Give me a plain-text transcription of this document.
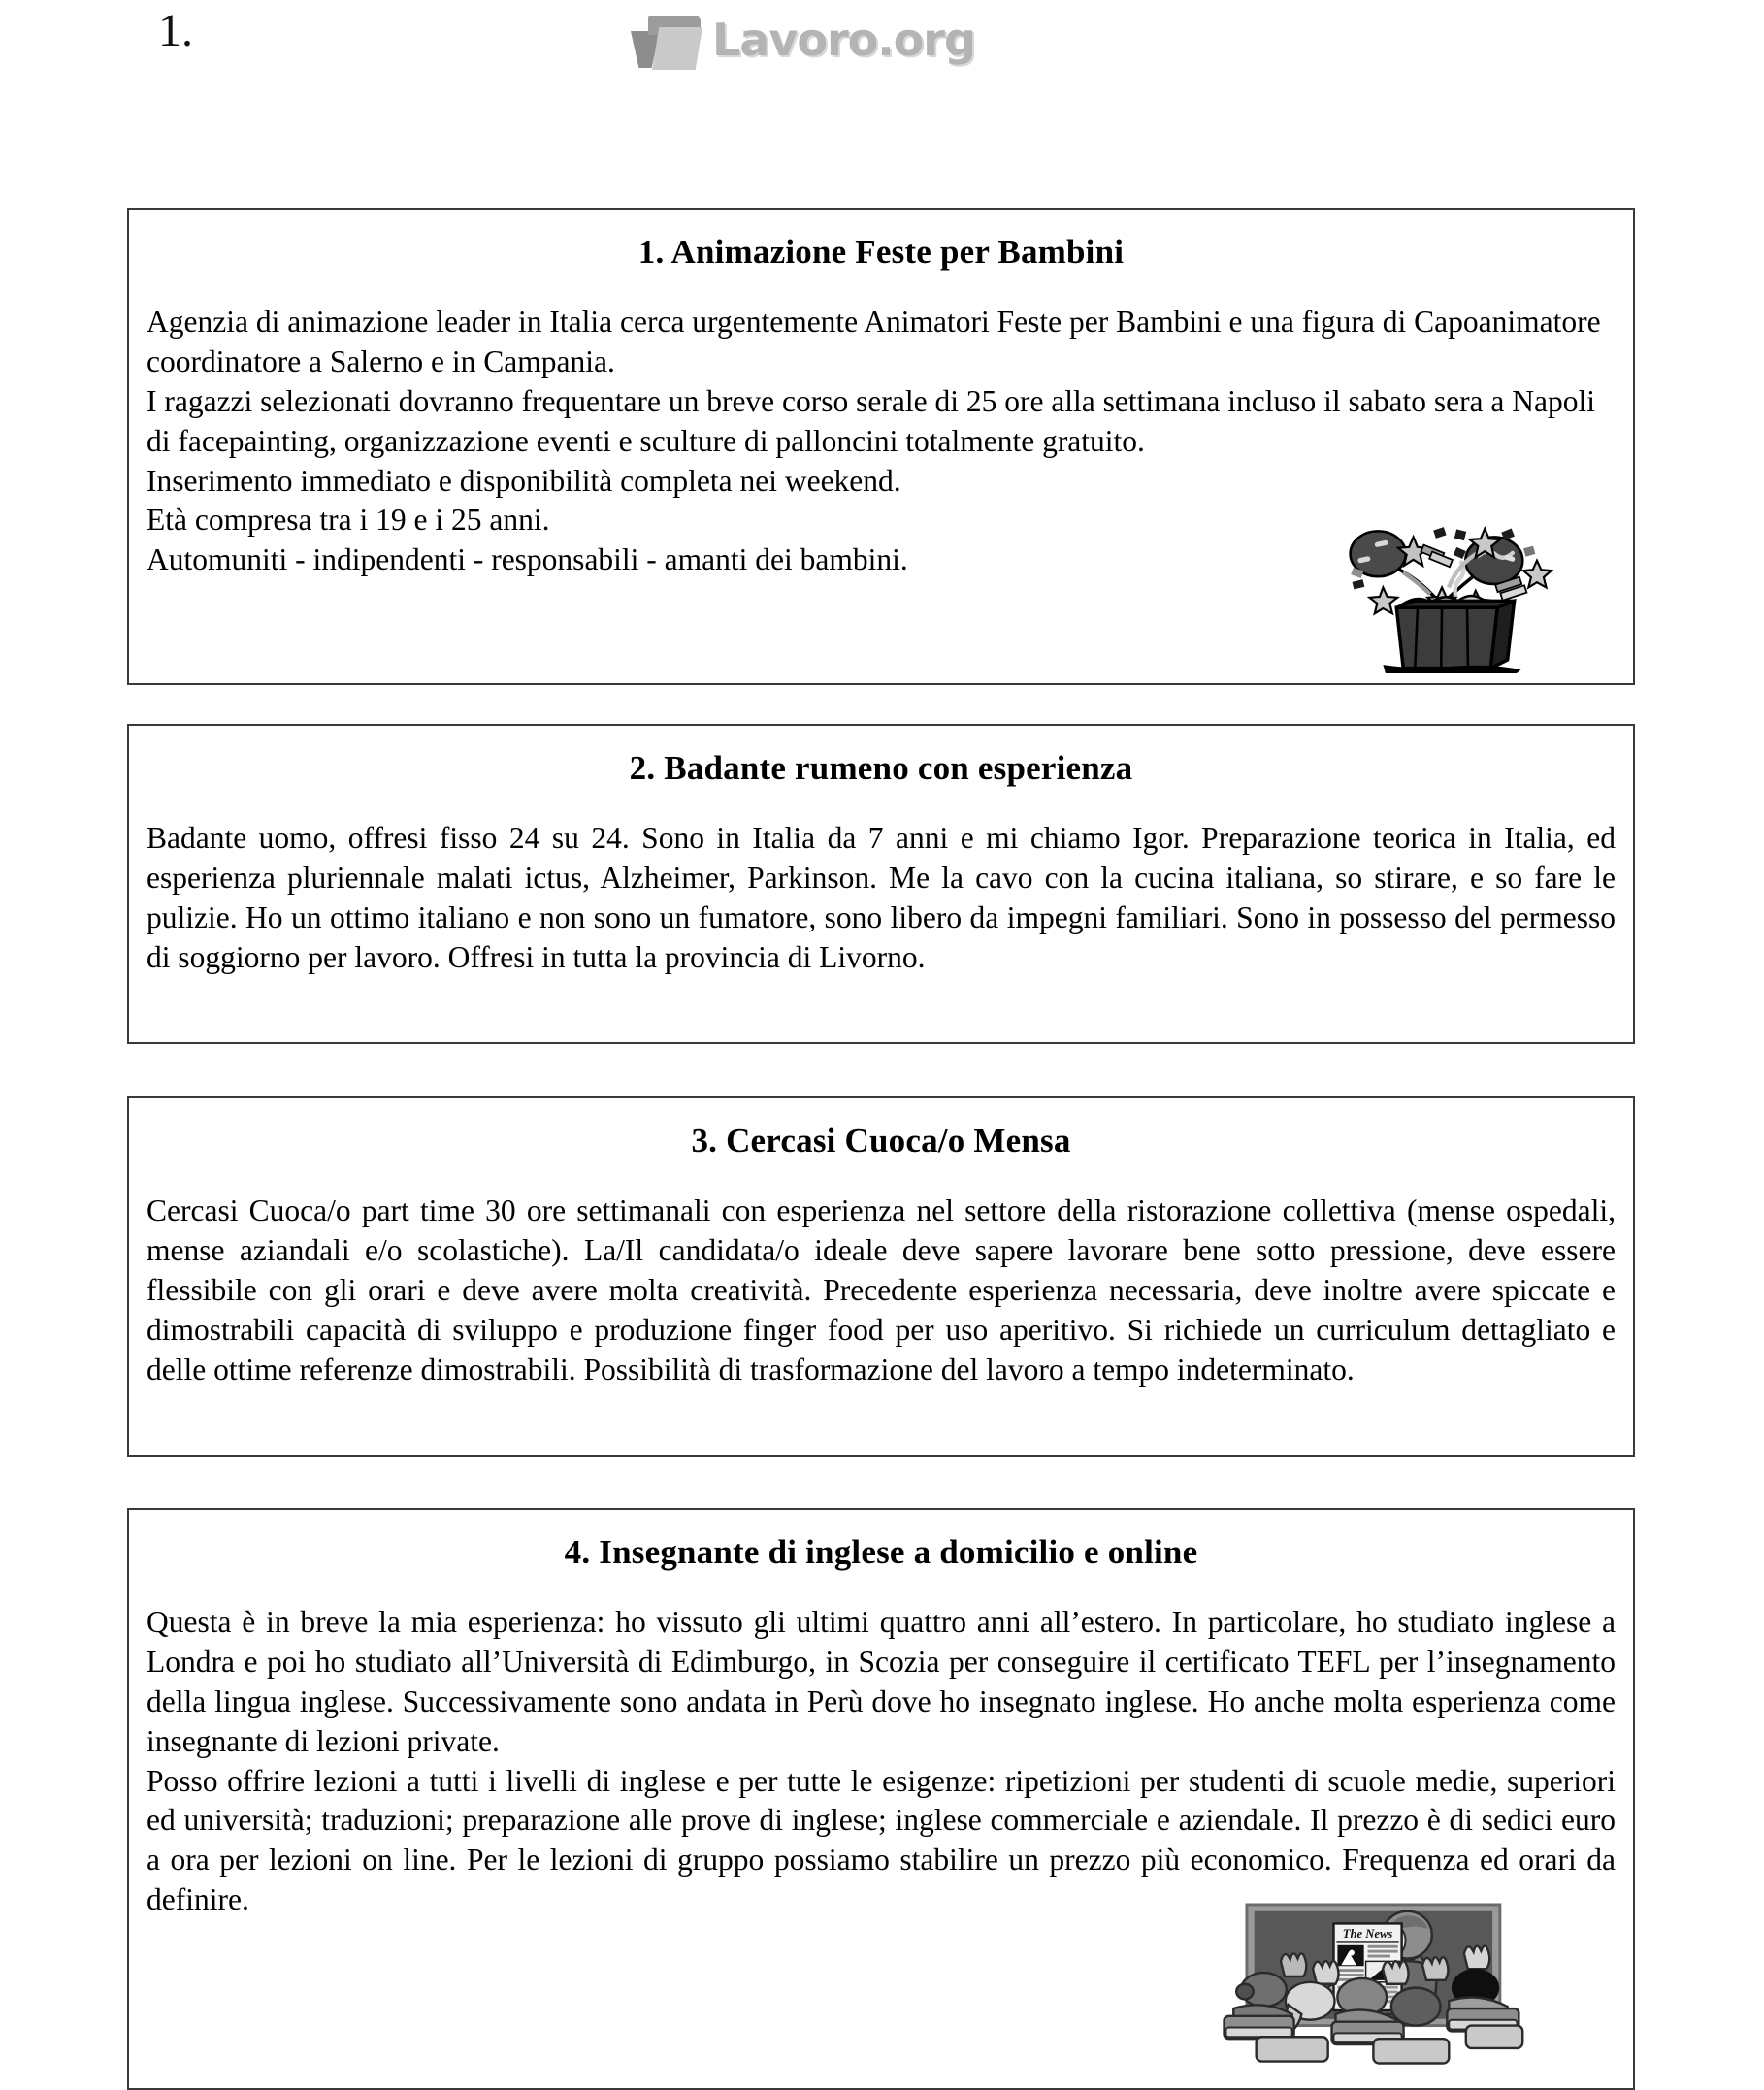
1.	Lavoro.org
1. Animazione Feste per Bambini

Agenzia di animazione leader in Italia cerca urgentemente Animatori Feste per Bambini e una figura di Capoanimatore coordinatore a Salerno e in Campania.

I ragazzi selezionati dovranno frequentare un breve corso serale di 25 ore alla settimana incluso il sabato sera a Napoli di facepainting, organizzazione eventi e sculture di palloncini totalmente gratuito.

Inserimento immediato e disponibilità completa nei weekend.

Età compresa tra i 19 e i 25 anni.

Automuniti - indipendenti - responsabili - amanti dei bambini.

2. Badante rumeno con esperienza

Badante uomo, offresi fisso 24 su 24. Sono in Italia da 7 anni e mi chiamo Igor. Preparazione teorica in Italia, ed esperienza pluriennale malati ictus, Alzheimer, Parkinson. Me la cavo con la cucina italiana, so stirare, e so fare le pulizie. Ho un ottimo italiano e non sono un fumatore, sono libero da impegni familiari. Sono in possesso del permesso di soggiorno per lavoro. Offresi in tutta la provincia di Livorno.

3. Cercasi Cuoca/o Mensa

Cercasi Cuoca/o part time 30 ore settimanali con esperienza nel settore della ristorazione collettiva (mense ospedali, mense aziandali e/o scolastiche). La/Il candidata/o ideale deve sapere lavorare bene sotto pressione, deve essere flessibile con gli orari e deve avere molta creatività. Precedente esperienza necessaria, deve inoltre avere spiccate e dimostrabili capacità di sviluppo e produzione finger food per uso aperitivo. Si richiede un curriculum dettagliato e delle ottime referenze dimostrabili. Possibilità di trasformazione del lavoro a tempo indeterminato.

4. Insegnante di inglese a domicilio e online

Questa è in breve la mia esperienza: ho vissuto gli ultimi quattro anni all’estero. In particolare, ho studiato inglese a Londra e poi ho studiato all’Università di Edimburgo, in Scozia per conseguire il certificato TEFL per l’insegnamento della lingua inglese. Successivamente sono andata in Perù dove ho insegnato inglese. Ho anche molta esperienza come insegnante di lezioni private.

Posso offrire lezioni a tutti i livelli di inglese e per tutte le esigenze: ripetizioni per studenti di scuole medie, superiori ed università; traduzioni; preparazione alle prove di inglese; inglese commerciale e aziendale. Il prezzo è di sedici euro a ora per lezioni on line. Per le lezioni di gruppo possiamo stabilire un prezzo più economico. Frequenza ed orari da definire.

The News
